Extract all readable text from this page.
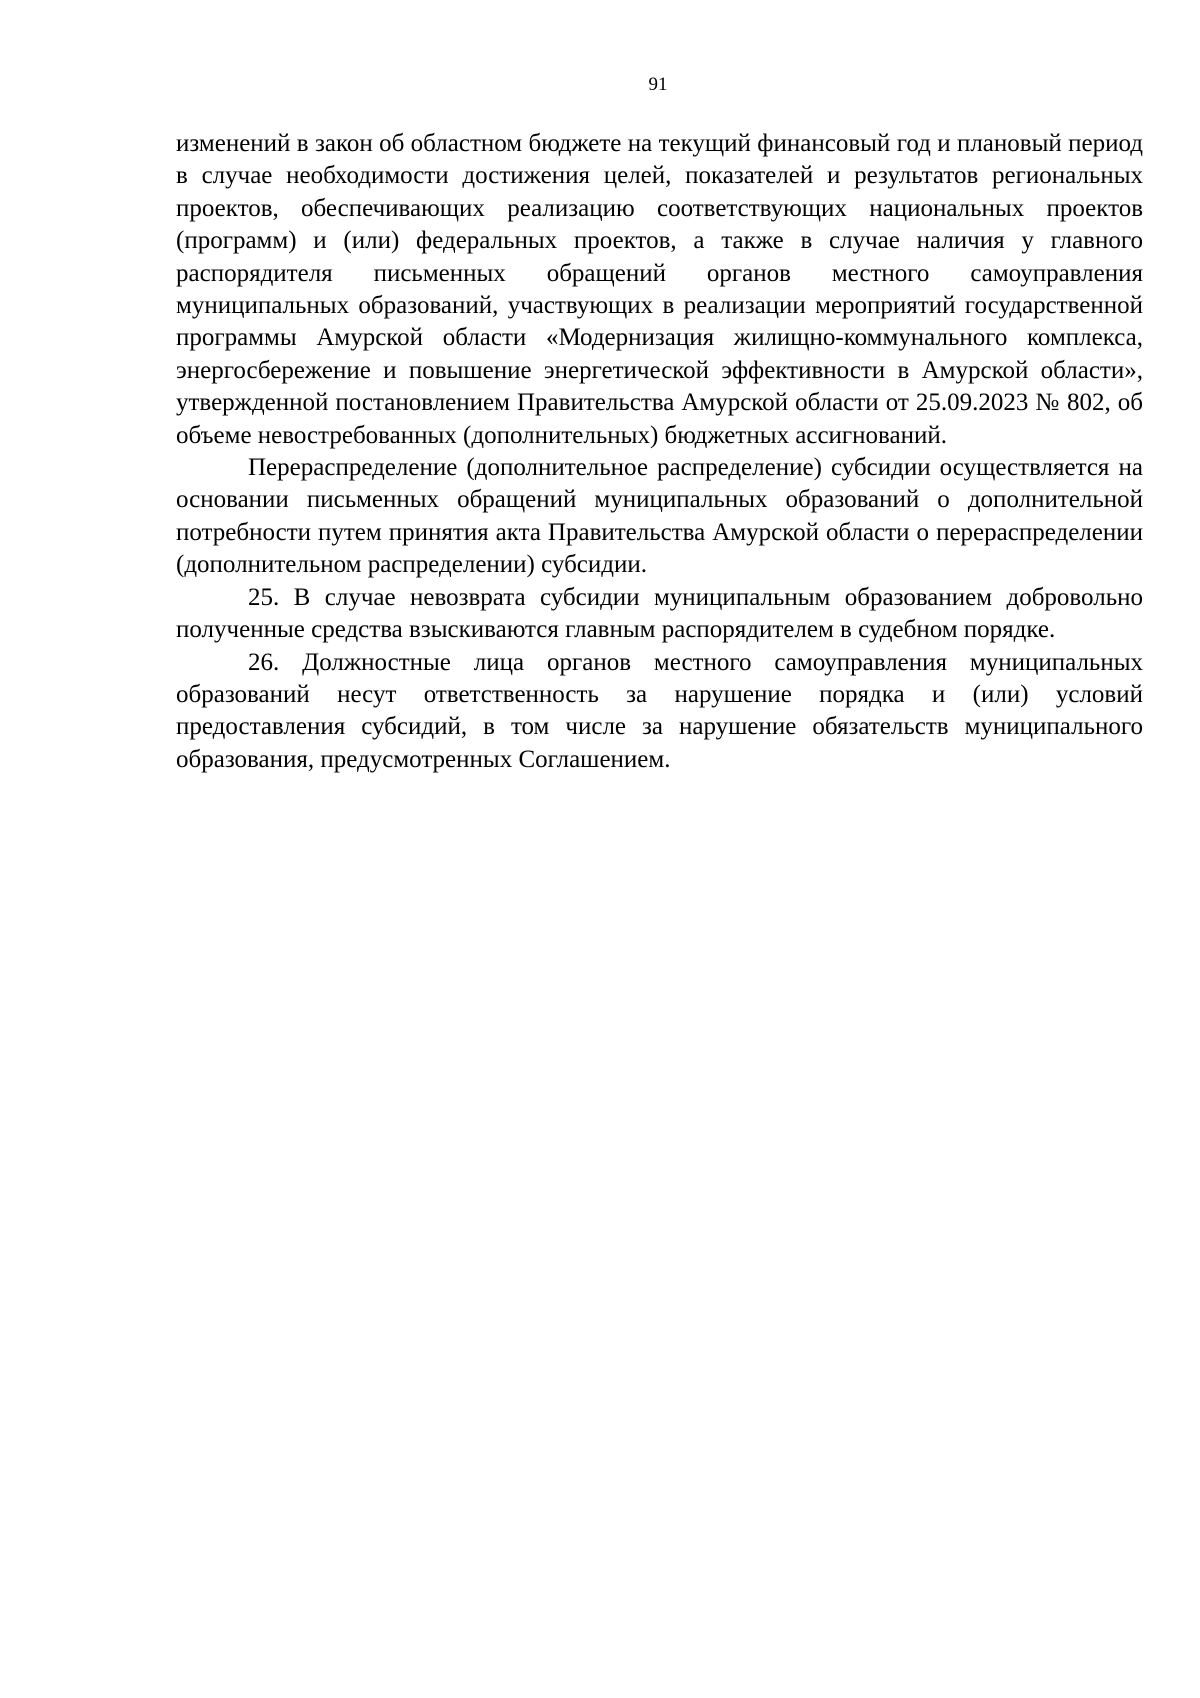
91

изменений в закон об областном бюджете на текущий финансовый год и плановый период в случае необходимости достижения целей, показателей и результатов региональных проектов, обеспечивающих реализацию соответствующих национальных проектов (программ) и (или) федеральных проектов, а также в случае наличия у главного распорядителя письменных обращений органов местного самоуправления муниципальных образований, участвующих в реализации мероприятий государственной программы Амурской области «Модернизация жилищно-коммунального комплекса, энергосбережение и повышение энергетической эффективности в Амурской области», утвержденной постановлением Правительства Амурской области от 25.09.2023 № 802, об объеме невостребованных (дополнительных) бюджетных ассигнований.

Перераспределение (дополнительное распределение) субсидии осуществляется на основании письменных обращений муниципальных образований о дополнительной потребности путем принятия акта Правительства Амурской области о перераспределении (дополнительном распределении) субсидии.

25. В случае невозврата субсидии муниципальным образованием добровольно полученные средства взыскиваются главным распорядителем в судебном порядке.

26. Должностные лица органов местного самоуправления муниципальных образований несут ответственность за нарушение порядка и (или) условий предоставления субсидий, в том числе за нарушение обязательств муниципального образования, предусмотренных Соглашением.
